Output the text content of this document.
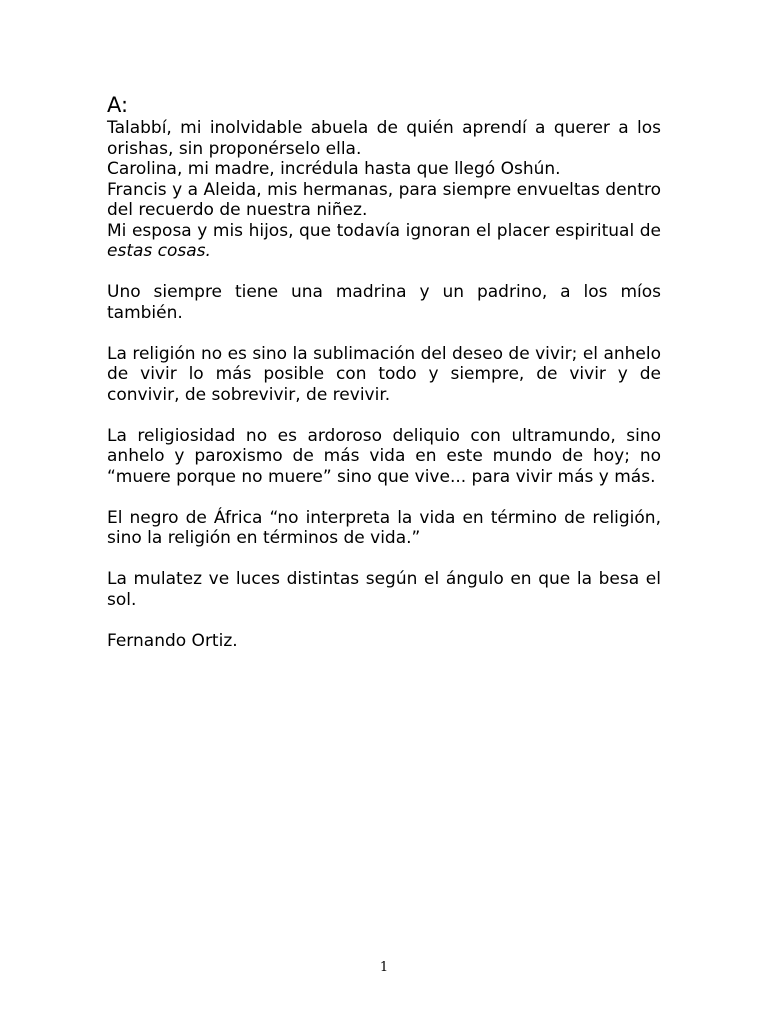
A:

Talabbí, mi inolvidable abuela de quién aprendí a querer a los orishas, sin proponérselo ella.

Carolina, mi madre, incrédula hasta que llegó Oshún.

Francis y a Aleida, mis hermanas, para siempre envueltas dentro del recuerdo de nuestra niñez.

Mi esposa y mis hijos, que todavía ignoran el placer espiritual de estas cosas.

Uno siempre tiene una madrina y un padrino, a los míos también.

La religión no es sino la sublimación del deseo de vivir; el anhelo de vivir lo más posible con todo y siempre, de vivir y de convivir, de sobrevivir, de revivir.

La religiosidad no es ardoroso deliquio con ultramundo, sino anhelo y paroxismo de más vida en este mundo de hoy; no “muere porque no muere” sino que vive... para vivir más y más.

El negro de África “no interpreta la vida en término de religión, sino la religión en términos de vida.”

La mulatez ve luces distintas según el ángulo en que la besa el sol.

Fernando Ortiz.

1
